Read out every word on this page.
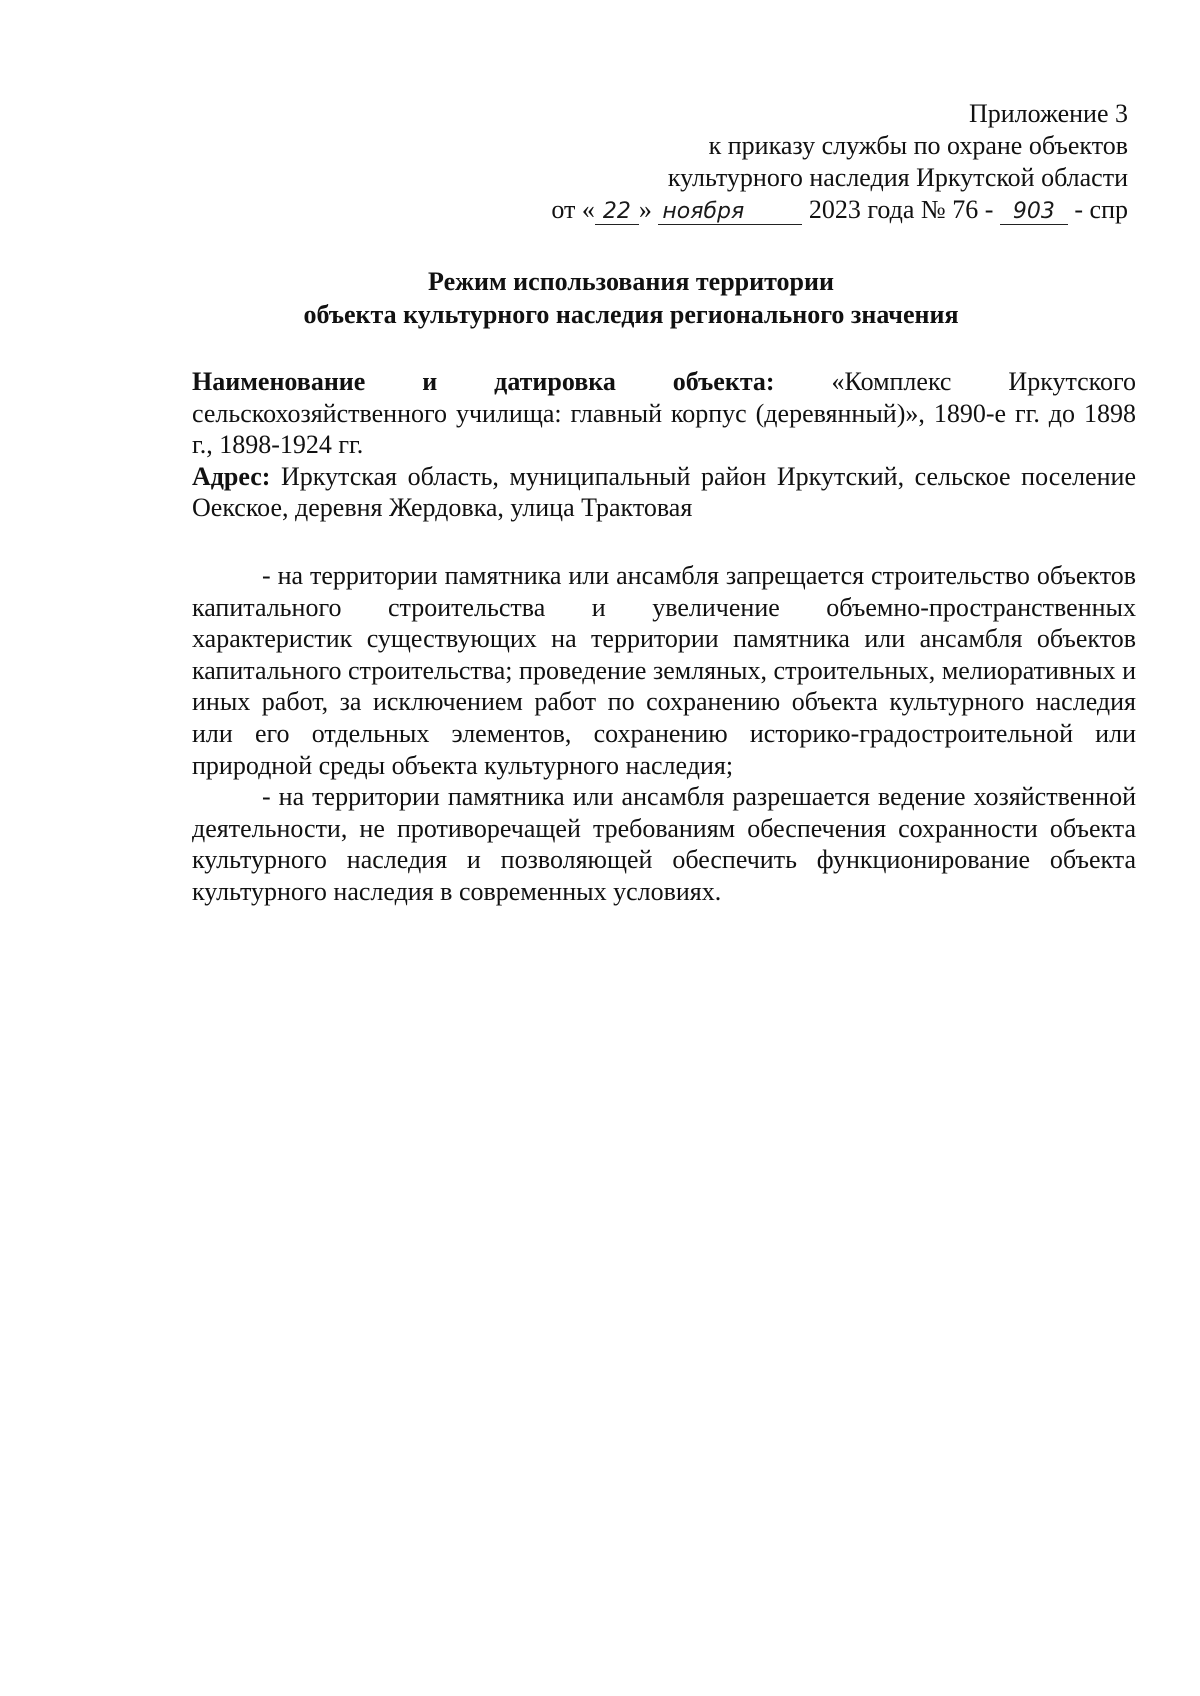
Приложение 3
к приказу службы по охране объектов
культурного наследия Иркутской области
от « 22 » ноября 2023 года № 76 - 903 - спр
Режим использования территории
объекта культурного наследия регионального значения

Наименование и датировка объекта: «Комплекс Иркутского сельскохозяйственного училища: главный корпус (деревянный)», 1890-е гг. до 1898 г., 1898-1924 гг.

Адрес: Иркутская область, муниципальный район Иркутский, сельское поселение Оекское, деревня Жердовка, улица Трактовая

- на территории памятника или ансамбля запрещается строительство объектов капитального строительства и увеличение объемно-пространственных характеристик существующих на территории памятника или ансамбля объектов капитального строительства; проведение земляных, строительных, мелиоративных и иных работ, за исключением работ по сохранению объекта культурного наследия или его отдельных элементов, сохранению историко-градостроительной или природной среды объекта культурного наследия;

- на территории памятника или ансамбля разрешается ведение хозяйственной деятельности, не противоречащей требованиям обеспечения сохранности объекта культурного наследия и позволяющей обеспечить функционирование объекта культурного наследия в современных условиях.
